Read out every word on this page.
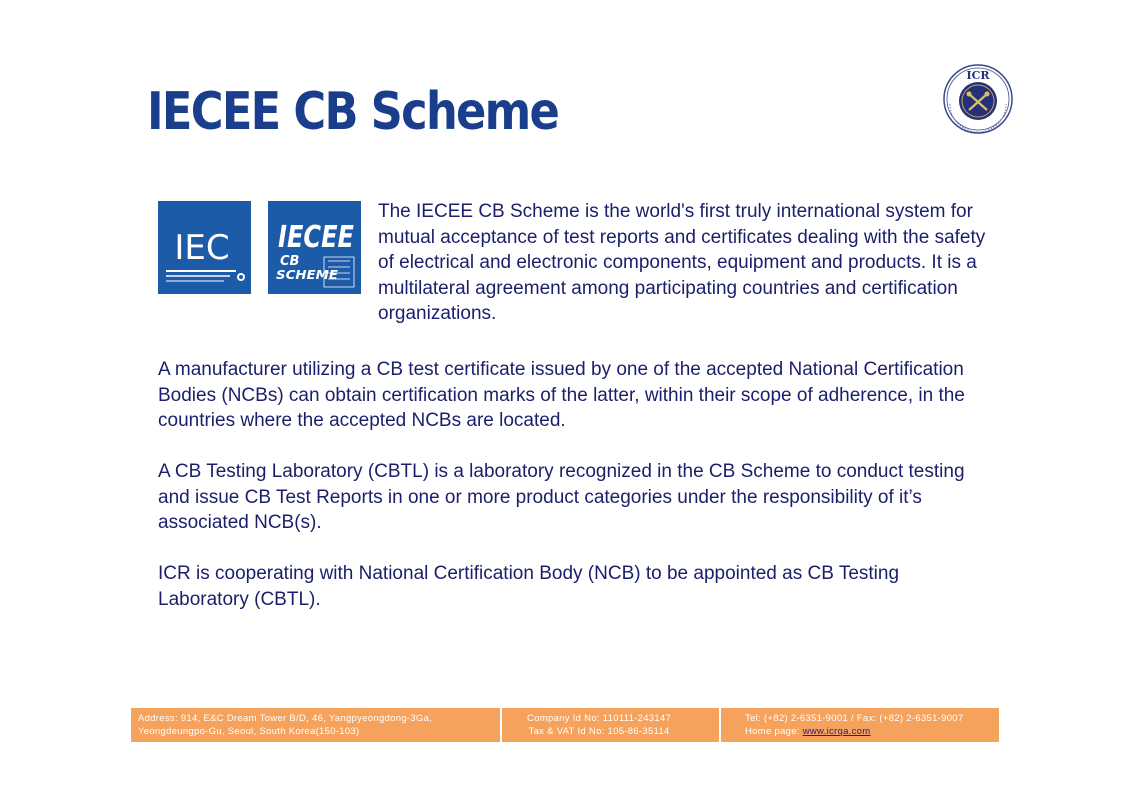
IECEE CB Scheme
ICR
IEC IECEE
CB
SCHEME

The IECEE CB Scheme is the world's first truly international system for mutual acceptance of test reports and certificates dealing with the safety of electrical and electronic components, equipment and products. It is a multilateral agreement among participating countries and certification organizations.

A manufacturer utilizing a CB test certificate issued by one of the accepted National Certification Bodies (NCBs) can obtain certification marks of the latter, within their scope of adherence, in the countries where the accepted NCBs are located.

A CB Testing Laboratory (CBTL) is a laboratory recognized in the CB Scheme to conduct testing and issue CB Test Reports in one or more product categories under the responsibility of it’s associated NCB(s).

ICR is cooperating with National Certification Body (NCB) to be appointed as CB Testing Laboratory (CBTL).

Address: 914, E&C Dream Tower B/D, 46, Yangpyeongdong-3Ga,
Yeongdeungpo-Gu, Seoul, South Korea(150-103)
Company Id No: 110111-243147
Tax & VAT Id No: 105-86-35114
Tel: (+82) 2-6351-9001 / Fax: (+82) 2-6351-9007
Home page: www.icrqa.com
